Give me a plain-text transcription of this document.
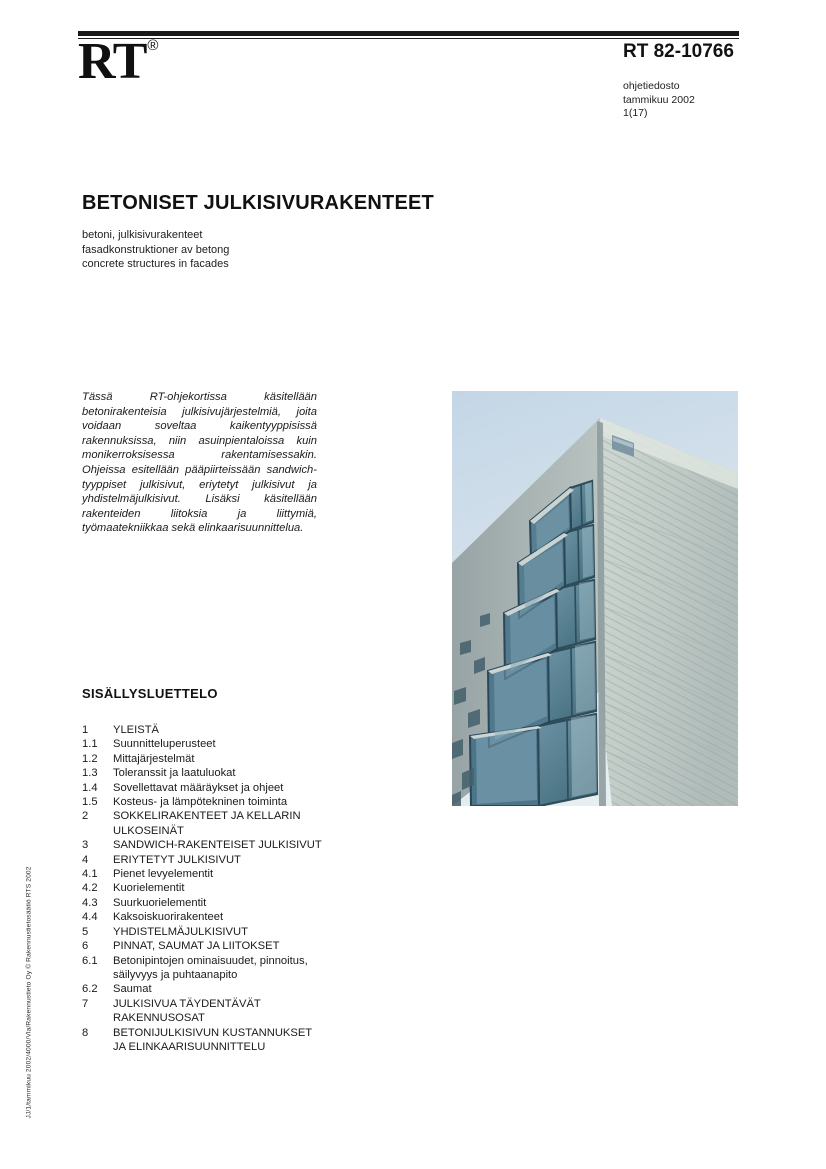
RT®	RT 82-10766
ohjetiedosto
tammikuu 2002
1(17)
BETONISET JULKISIVURAKENTEET
betoni, julkisivurakenteet
fasadkonstruktioner av betong
concrete structures in facades

Tässä RT-ohjekortissa käsitellään betonirakenteisia julkisivujärjestelmiä, joita voidaan soveltaa kaikentyyppisissä rakennuksissa, niin asuinpientaloissa kuin monikerroksisessa rakentamisessakin. Ohjeissa esitellään pääpiirteissään sandwich-tyyppiset julkisivut, eriytetyt julkisivut ja yhdistelmäjulkisivut. Lisäksi käsitellään rakenteiden liitoksia ja liittymiä, työmaatekniikkaa sekä elinkaarisuunnittelua.

SISÄLLYSLUETTELO
1	YLEISTÄ
1.1	Suunnitteluperusteet
1.2	Mittajärjestelmät
1.3	Toleranssit ja laatuluokat
1.4	Sovellettavat määräykset ja ohjeet
1.5	Kosteus- ja lämpötekninen toiminta
2	SOKKELIRAKENTEET JA KELLARIN ULKOSEINÄT
3	SANDWICH-RAKENTEISET JULKISIVUT
4	ERIYTETYT JULKISIVUT
4.1	Pienet levyelementit
4.2	Kuorielementit
4.3	Suurkuorielementit
4.4	Kaksoiskuorirakenteet
5	YHDISTELMÄJULKISIVUT
6	PINNAT, SAUMAT JA LIITOKSET
6.1	Betonipintojen ominaisuudet, pinnoitus, säilyvyys ja puhtaanapito
6.2	Saumat
7	JULKISIVUA TÄYDENTÄVÄT RAKENNUSOSAT
8	BETONIJULKISIVUN KUSTANNUKSET JA ELINKAARISUUNNITTELU
JJ/1/tammikuu 2002/4000/Vla/Rakennustieto Oy © Rakennustietosäätiö RTS 2002
